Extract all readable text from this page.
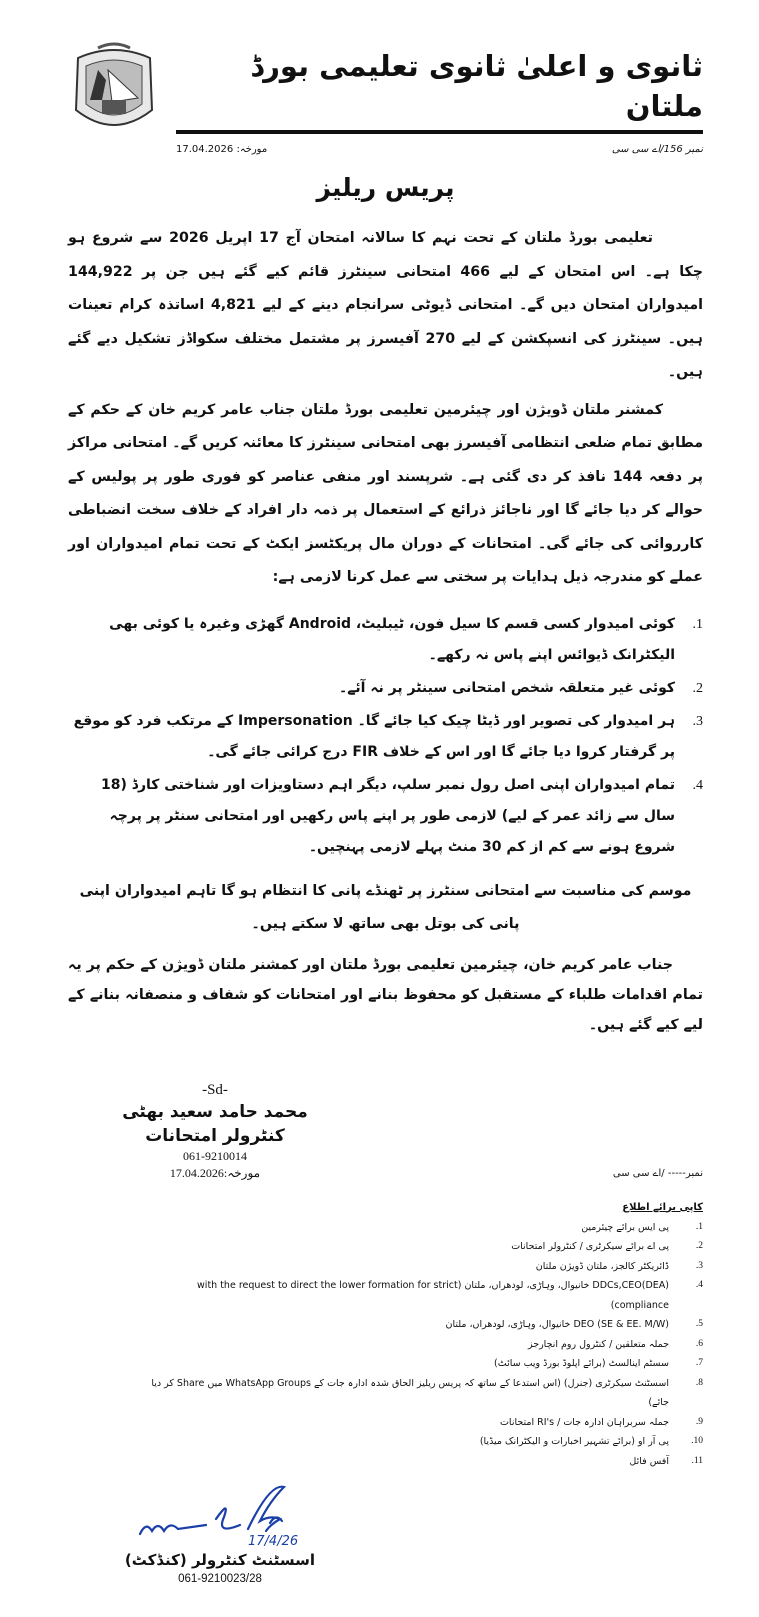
ثانوی و اعلیٰ ثانوی تعلیمی بورڈ ملتان
مورخہ: 17.04.2026	نمبر 156/اے سی سی
پریس ریلیز

تعلیمی بورڈ ملتان کے تحت نہم کا سالانہ امتحان آج 17 اپریل 2026 سے شروع ہو چکا ہے۔ اس امتحان کے لیے 466 امتحانی سینٹرز قائم کیے گئے ہیں جن پر 144,922 امیدواران امتحان دیں گے۔ امتحانی ڈیوٹی سرانجام دینے کے لیے 4,821 اساتذہ کرام تعینات ہیں۔ سینٹرز کی انسپکشن کے لیے 270 آفیسرز پر مشتمل مختلف سکواڈز تشکیل دیے گئے ہیں۔

کمشنر ملتان ڈویژن اور چیئرمین تعلیمی بورڈ ملتان جناب عامر کریم خان کے حکم کے مطابق تمام ضلعی انتظامی آفیسرز بھی امتحانی سینٹرز کا معائنہ کریں گے۔ امتحانی مراکز پر دفعہ 144 نافذ کر دی گئی ہے۔ شرپسند اور منفی عناصر کو فوری طور پر پولیس کے حوالے کر دیا جائے گا اور ناجائز ذرائع کے استعمال پر ذمہ دار افراد کے خلاف سخت انضباطی کارروائی کی جائے گی۔ امتحانات کے دوران مال پریکٹسز ایکٹ کے تحت تمام امیدواران اور عملے کو مندرجہ ذیل ہدایات پر سختی سے عمل کرنا لازمی ہے:

1.
کوئی امیدوار کسی قسم کا سیل فون، ٹیبلیٹ، Android گھڑی وغیرہ یا کوئی بھی الیکٹرانک ڈیوائس اپنے پاس نہ رکھے۔
2.
کوئی غیر متعلقہ شخص امتحانی سینٹر پر نہ آئے۔
3.
ہر امیدوار کی تصویر اور ڈیٹا چیک کیا جائے گا۔ Impersonation کے مرتکب فرد کو موقع پر گرفتار کروا دیا جائے گا اور اس کے خلاف FIR درج کرائی جائے گی۔
4.
تمام امیدواران اپنی اصل رول نمبر سلپ، دیگر اہم دستاویزات اور شناختی کارڈ (18 سال سے زائد عمر کے لیے) لازمی طور پر اپنے پاس رکھیں اور امتحانی سنٹر پر پرچہ شروع ہونے سے کم از کم 30 منٹ پہلے لازمی پہنچیں۔

موسم کی مناسبت سے امتحانی سنٹرز پر ٹھنڈے پانی کا انتظام ہو گا تاہم امیدواران اپنی پانی کی بوتل بھی ساتھ لا سکتے ہیں۔

جناب عامر کریم خان، چیئرمین تعلیمی بورڈ ملتان اور کمشنر ملتان ڈویژن کے حکم پر یہ تمام اقدامات طلباء کے مستقبل کو محفوظ بنانے اور امتحانات کو شفاف و منصفانہ بنانے کے لیے کیے گئے ہیں۔

-Sd-
محمد حامد سعید بھٹی
کنٹرولر امتحانات
061-9210014
مورخہ:17.04.2026	نمبر----- /اے سی سی
کاپی برائے اطلاع
1.
پی ایس برائے چیئرمین
2.
پی اے برائے سیکرٹری / کنٹرولر امتحانات
3.
ڈائریکٹر کالجز، ملتان ڈویژن ملتان
4.
DDCs,CEO(DEA) خانیوال، وہاڑی، لودھراں، ملتان (with the request to direct the lower formation for strict compliance)
5.
DEO (SE & EE. M/W) خانیوال، وہاڑی، لودھراں، ملتان
6.
جملہ متعلقین / کنٹرول روم انچارجز
7.
سسٹم اینالسٹ (برائے اپلوڈ بورڈ ویب سائٹ)
8.
اسسٹنٹ سیکرٹری (جنرل) (اس استدعا کے ساتھ کہ پریس ریلیز الحاق شدہ ادارہ جات کے WhatsApp Groups میں Share کر دیا جائے)
9.
جملہ سربراہان ادارہ جات / RI's امتحانات
10.
پی آر او (برائے تشہیر اخبارات و الیکٹرانک میڈیا)
11.
آفس فائل
17/4/26
اسسٹنٹ کنٹرولر (کنڈکٹ)
061-9210023/28
